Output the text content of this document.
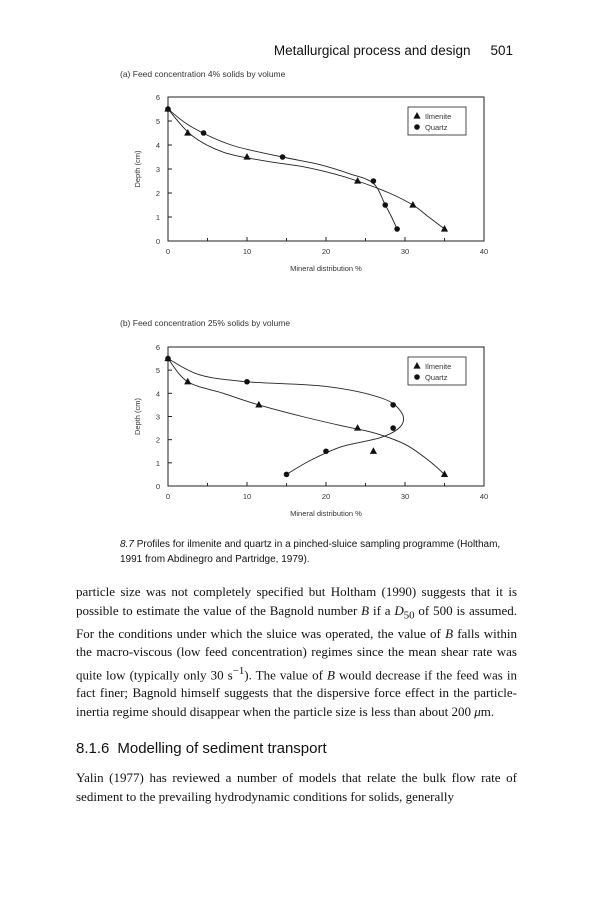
Metallurgical process and design 501
(a) Feed concentration 4% solids by volume
0
1
2
3
4
5
6
0	10	20	30	40
Mineral distribution %
Depth (cm)
Ilmenite
Quartz
(b) Feed concentration 25% solids by volume
0
1
2
3
4
5
6
0	10	20	30	40
Mineral distribution %
Depth (cm)
Ilmenite
Quartz
8.7 Profiles for ilmenite and quartz in a pinched-sluice sampling programme (Holtham, 1991 from Abdinegro and Partridge, 1979).

particle size was not completely specified but Holtham (1990) suggests that it is possible to estimate the value of the Bagnold number B if a $D_{50}$ of 500 is assumed. For the conditions under which the sluice was operated, the value of B falls within the macro-viscous (low feed concentration) regimes since the mean shear rate was quite low (typically only 30 $s^{-1}$). The value of B would decrease if the feed was in fact finer; Bagnold himself suggests that the dispersive force effect in the particle-inertia regime should disappear when the particle size is less than about 200 μm.

8.1.6 Modelling of sediment transport

Yalin (1977) has reviewed a number of models that relate the bulk flow rate of sediment to the prevailing hydrodynamic conditions for solids, generally
